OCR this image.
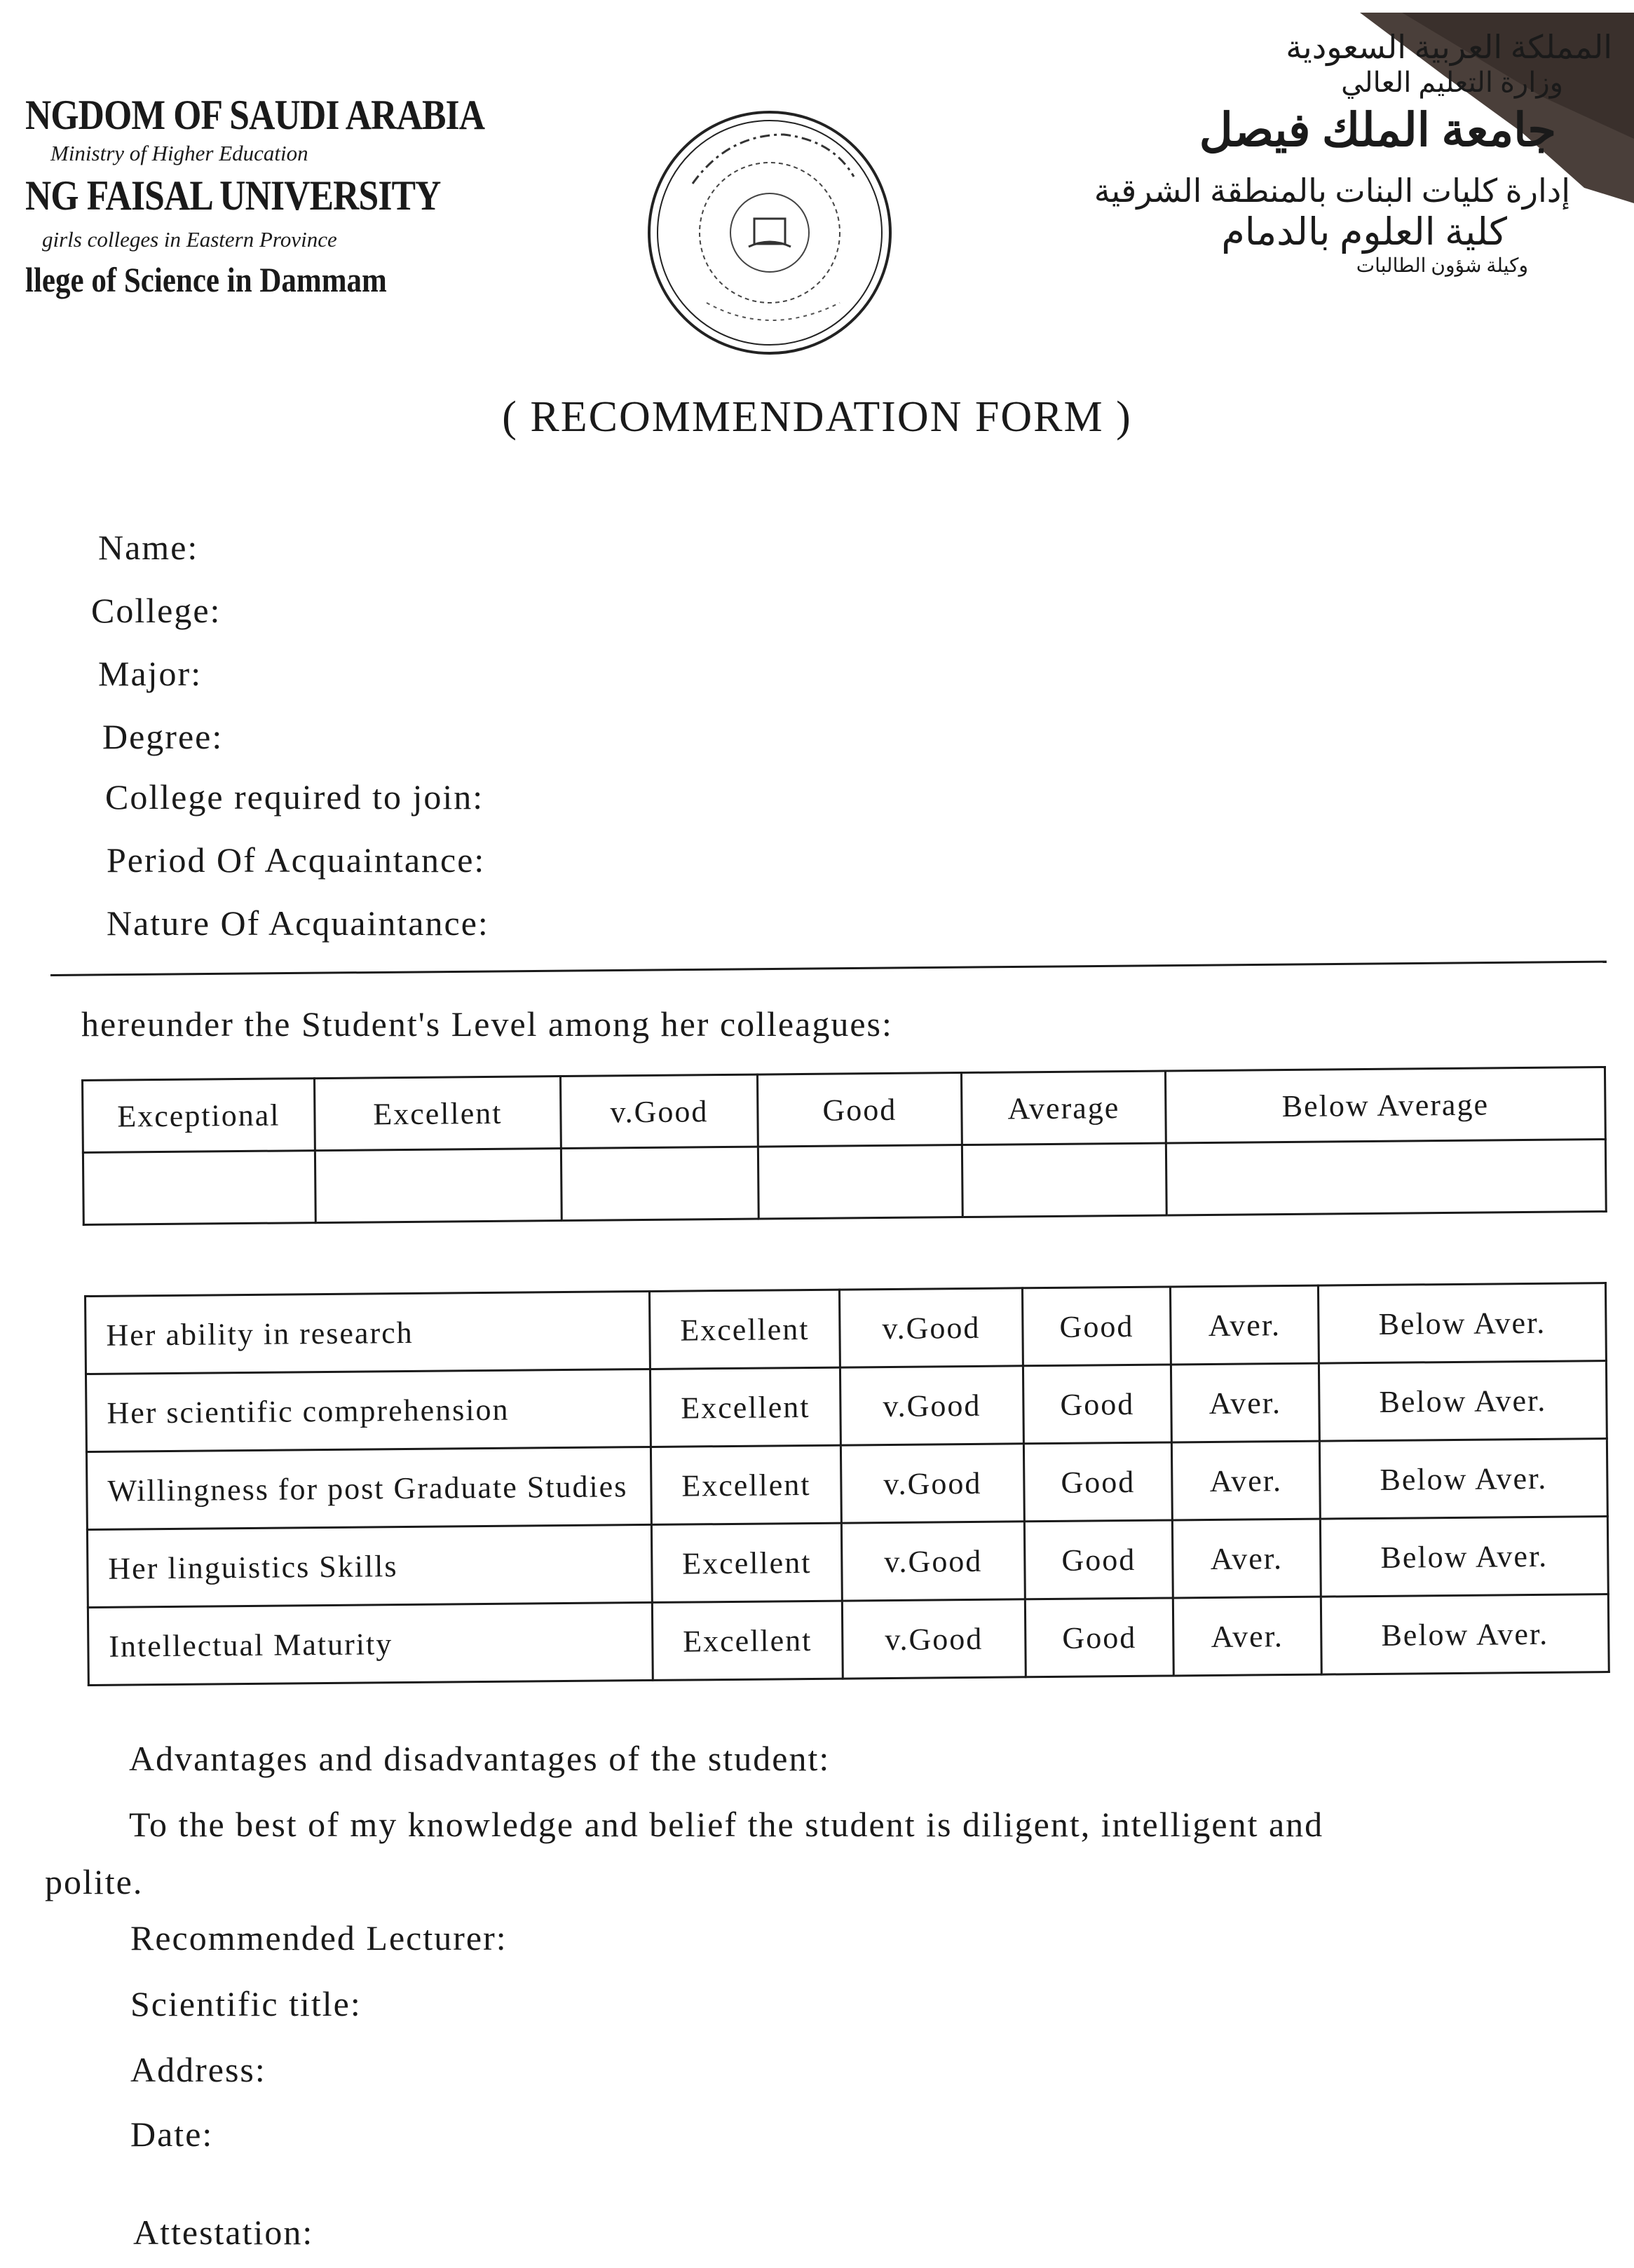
NGDOM OF SAUDI ARABIA
Ministry of Higher Education
NG FAISAL UNIVERSITY
girls colleges in Eastern Province
llege of Science in Dammam
المملكة العربية السعودية
وزارة التعليم العالي
جامعة الملك فيصل
إدارة كليات البنات بالمنطقة الشرقية
كلية العلوم بالدمام
وكيلة شؤون الطالبات
( RECOMMENDATION FORM )
Name:
College:
Major:
Degree:
College required to join:
Period Of Acquaintance:
Nature Of Acquaintance:
hereunder the Student's Level among her colleagues:
Exceptional	Excellent	v.Good	Good	Average	Below Average

Her ability in research	Excellent	v.Good	Good	Aver.	Below Aver.
Her scientific comprehension	Excellent	v.Good	Good	Aver.	Below Aver.
Willingness for post Graduate Studies	Excellent	v.Good	Good	Aver.	Below Aver.
Her linguistics Skills	Excellent	v.Good	Good	Aver.	Below Aver.
Intellectual Maturity	Excellent	v.Good	Good	Aver.	Below Aver.
Advantages and disadvantages of the student:
To the best of my knowledge and belief the student is diligent, intelligent and
polite.
Recommended Lecturer:
Scientific title:
Address:
Date:
Attestation:
